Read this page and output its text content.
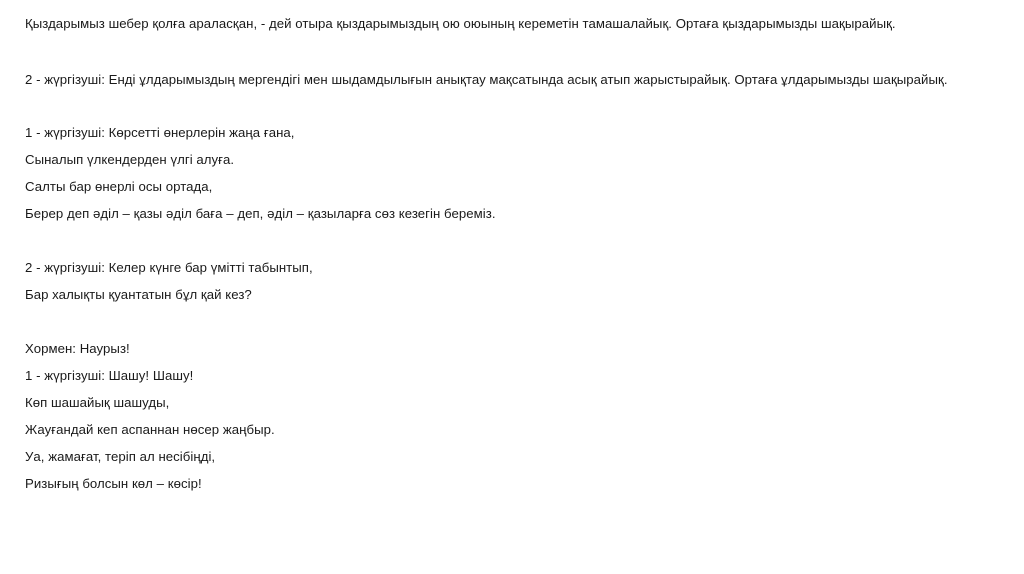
Қыздарымыз шебер қолға араласқан, - дей отыра қыздарымыздың ою оюының кереметін тамашалайық. Ортаға қыздарымызды шақырайық.
2 - жүргізуші: Енді ұлдарымыздың мергендігі мен шыдамдылығын анықтау мақсатында асық атып жарыстырайық. Ортаға ұлдарымызды шақырайық.
1 - жүргізуші: Көрсетті өнерлерін жаңа ғана,
Сыналып үлкендерден үлгі алуға.
Салты бар өнерлі осы ортада,
Берер деп әділ – қазы әділ баға – деп, әділ – қазыларға сөз кезегін береміз.
2 - жүргізуші: Келер күнге бар үмітті табынтып,
Бар халықты қуантатын бұл қай кез?
Хормен: Наурыз!
1 - жүргізуші: Шашу! Шашу!
Көп шашайық шашуды,
Жауғандай кеп аспаннан нөсер жаңбыр.
Уа, жамағат, теріп ал несібіңді,
Ризығың болсын көл – көсір!
